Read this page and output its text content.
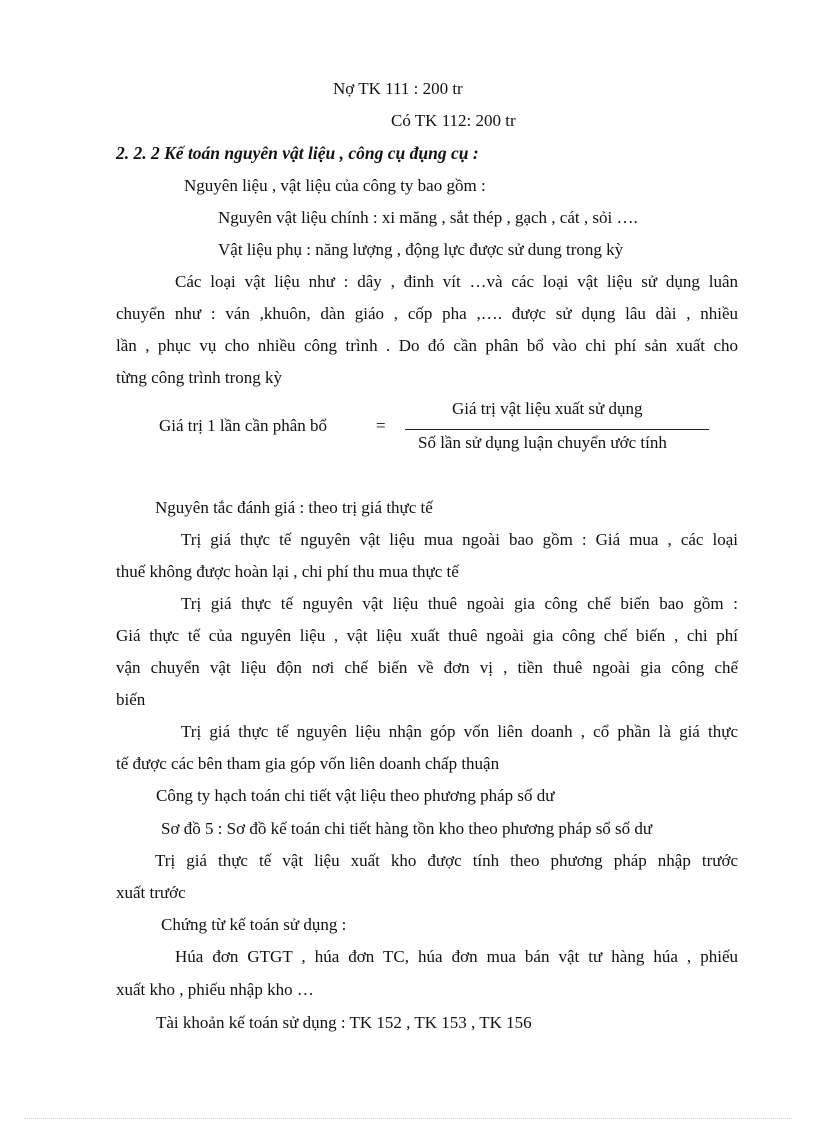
Nợ TK 111 : 200 tr
Có TK 112: 200 tr
2. 2. 2 Kế toán nguyên vật liệu , công cụ đụng cụ :
Nguyên liệu , vật liệu của công ty bao gồm :
Nguyên vật liệu chính : xi măng , sắt thép , gạch , cát , sỏi ….
Vật liệu phụ : năng lượng , động lực được sử dung trong kỳ
Các loại vật liệu như : dây , đinh vít …và các loại vật liệu sử dụng luân
chuyển như : ván ,khuôn, dàn giáo , cốp pha ,…. được sử dụng lâu dài , nhiều
lần , phục vụ cho nhiều công trình . Do đó cần phân bổ vào chi phí sản xuất cho
từng công trình trong kỳ
Giá trị 1 lần cần phân bổ	=
Giá trị vật liệu xuất sử dụng
Số lần sử dụng luận chuyển ước tính
Nguyên tắc đánh giá : theo trị giá thực tế
Trị giá thực tế nguyên vật liệu mua ngoài bao gồm : Giá mua , các loại
thuế không được hoàn lại , chi phí thu mua thực tế
Trị giá thực tế nguyên vật liệu thuê ngoài gia công chế biến bao gồm :
Giá thực tế của nguyên liệu , vật liệu xuất thuê ngoài gia công chế biến , chi phí
vận chuyển vật liệu độn nơi chế biến về đơn vị , tiền thuê ngoài gia công chế
biến
Trị giá thực tế nguyên liệu nhận góp vốn liên doanh , cổ phần là giá thực
tế được các bên tham gia góp vốn liên doanh chấp thuận
Công ty hạch toán chi tiết vật liệu theo phương pháp số dư
Sơ đồ 5 : Sơ đồ kế toán chi tiết hàng tồn kho theo phương pháp sổ số dư
Trị giá thực tế vật liệu xuất kho được tính theo phương pháp nhập trước
xuất trước
Chứng từ kế toán sử dụng :
Húa đơn GTGT , húa đơn TC, húa đơn mua bán vật tư hàng húa , phiếu
xuất kho , phiếu nhập kho …
Tài khoản kế toán sử dụng : TK 152 , TK 153 , TK 156
